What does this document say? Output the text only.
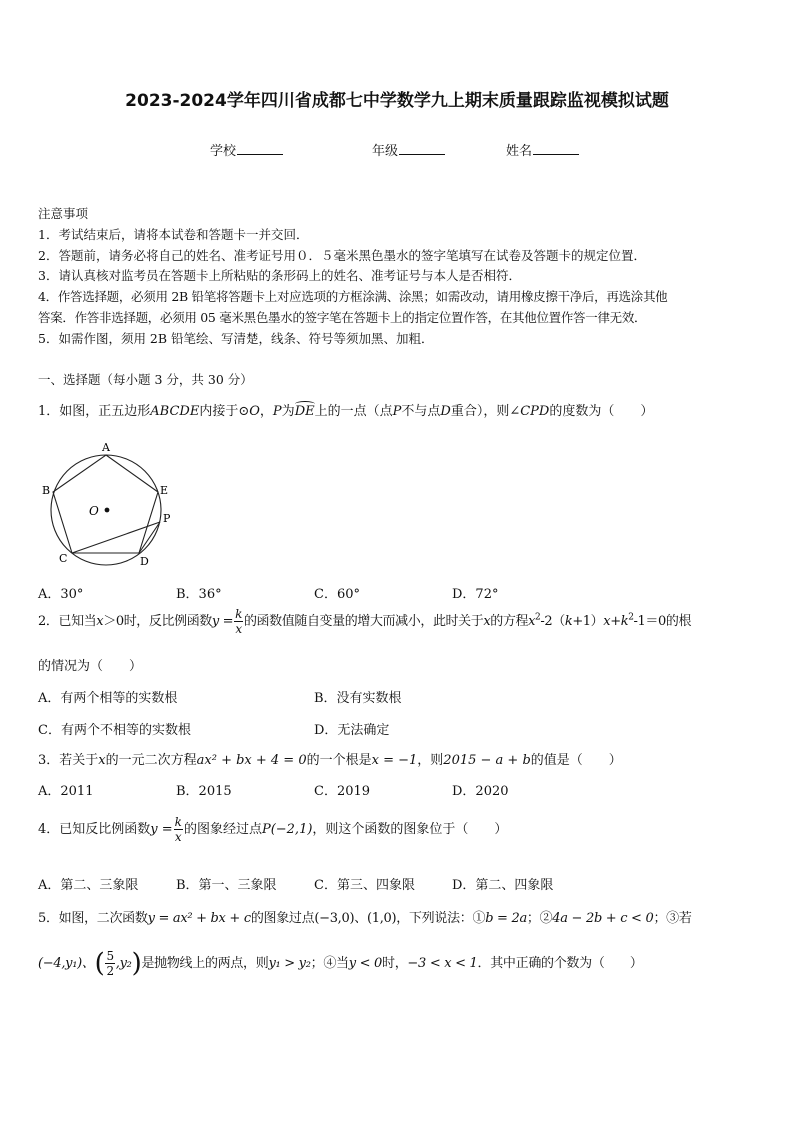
2023-2024学年四川省成都七中学数学九上期末质量跟踪监视模拟试题
学校	年级	姓名
注意事项
1．考试结束后，请将本试卷和答题卡一并交回．
2．答题前，请务必将自己的姓名、准考证号用０．５毫米黑色墨水的签字笔填写在试卷及答题卡的规定位置．
3．请认真核对监考员在答题卡上所粘贴的条形码上的姓名、准考证号与本人是否相符．
4．作答选择题，必须用 2B 铅笔将答题卡上对应选项的方框涂满、涂黑；如需改动，请用橡皮擦干净后，再选涂其他
答案．作答非选择题，必须用 05 毫米黑色墨水的签字笔在答题卡上的指定位置作答，在其他位置作答一律无效．
5．如需作图，须用 2B 铅笔绘、写清楚，线条、符号等须加黑、加粗．
一、选择题（每小题 3 分，共 30 分）
1．如图，正五边形ABCDE内接于⊙O，P为DE上的一点（点P不与点D重合），则∠CPD的度数为（　　）
A
B	E
P
C	D
O
A．30°	B．36°	C．60°	D．72°
2．已知当x＞0时，反比例函数$y = \frac{k}{x}$ 的函数值随自变量的增大而减小，此时关于x的方程$x^2-2(k+1)x+k^2-1=0$的根
的情况为（　　）
A．有两个相等的实数根	B．没有实数根
C．有两个不相等的实数根	D．无法确定
3．若关于x的一元二次方程ax² + bx + 4 = 0的一个根是x = −1，则2015 − a + b的值是（　　）
A．2011	B．2015	C．2019	D．2020
4．已知反比例函数$y = \frac{k}{x}$ 的图象经过点P(−2,1)，则这个函数的图象位于（　　）
A．第二、三象限	B．第一、三象限	C．第三、四象限	D．第二、四象限
5．如图，二次函数y = ax² + bx + c的图象过点(−3,0)、(1,0)，下列说法：①b = 2a；②4a − 2b + c < 0；③若
(−4,y₁)、( $\frac{5}{2} ,y_2$)是抛物线上的两点，则y₁ > y₂；④当y < 0时，−3 < x < 1．其中正确的个数为（　　）
